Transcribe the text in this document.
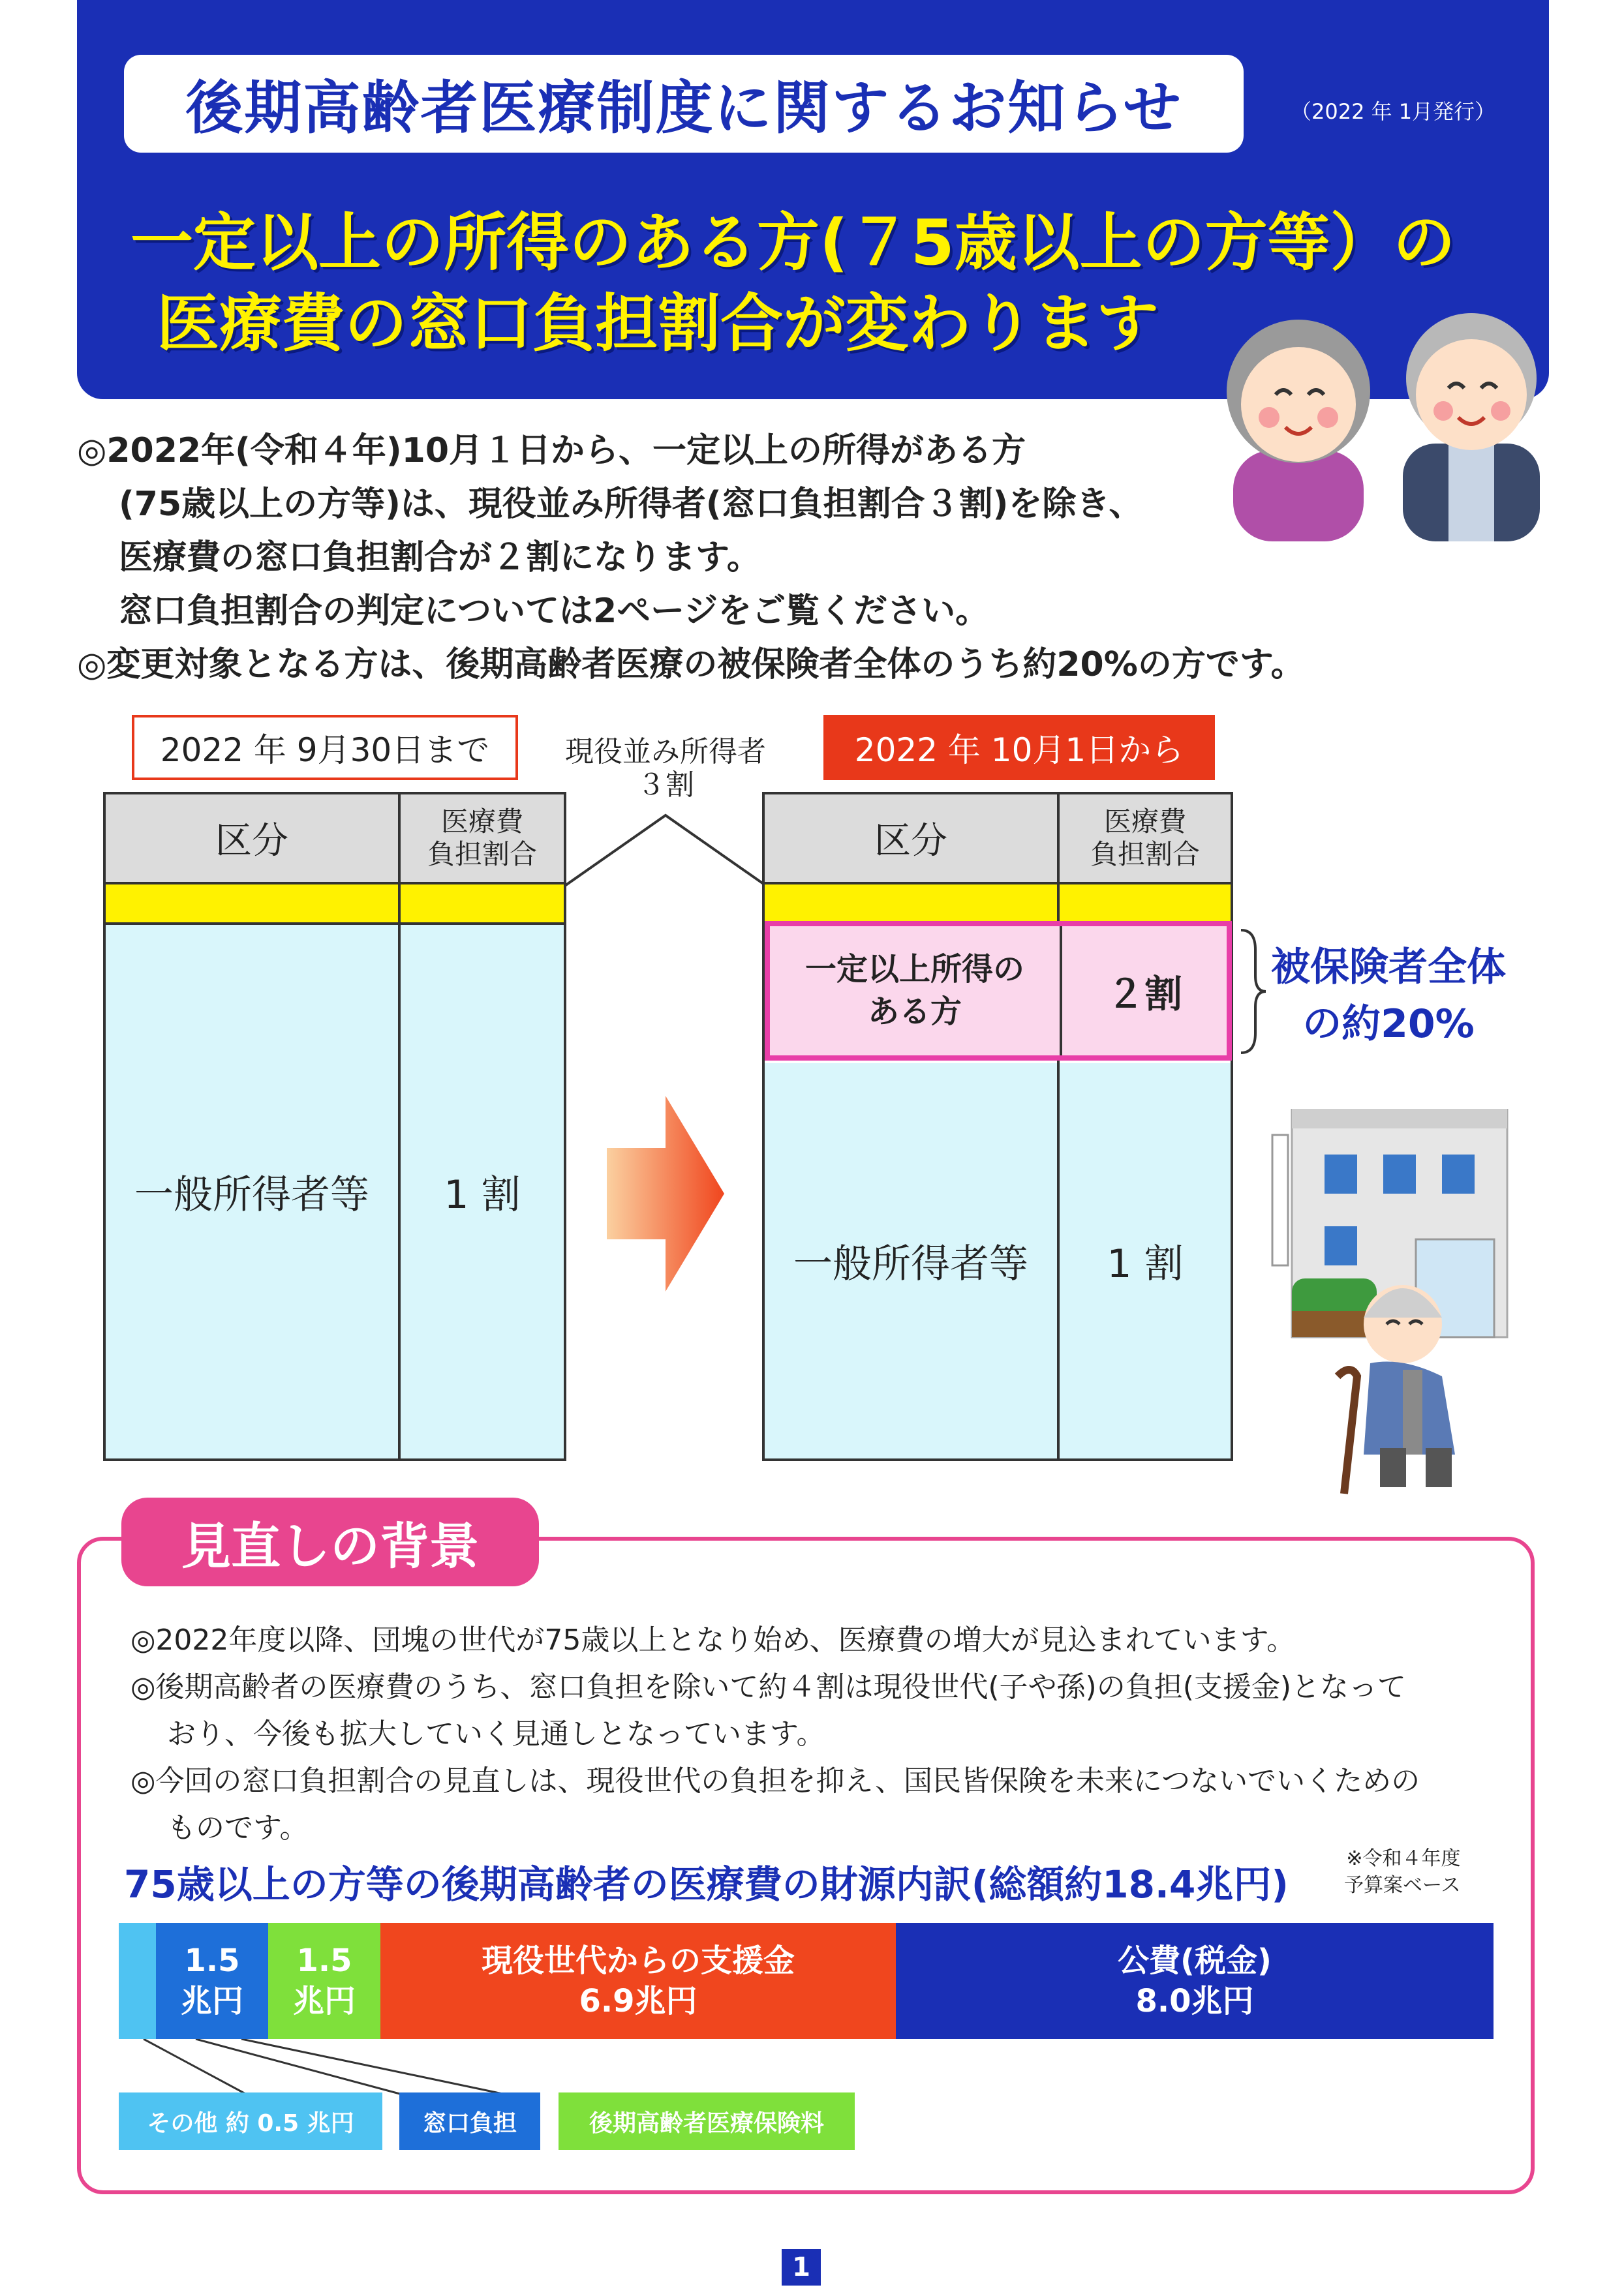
後期高齢者医療制度に関するお知らせ	（2022 年 1月発行）
一定以上の所得のある方(７5歳以上の方等）の
医療費の窓口負担割合が変わります
◎2022年(令和４年)10月１日から、一定以上の所得がある方
(75歳以上の方等)は、現役並み所得者(窓口負担割合３割)を除き、
医療費の窓口負担割合が２割になります。
窓口負担割合の判定については2ページをご覧ください。
◎変更対象となる方は、後期高齢者医療の被保険者全体のうち約20%の方です。
2022 年 9月30日まで	2022 年 10月1日から
現役並み所得者
３割
区分	医療費
負担割合
一般所得者等	1 割
区分	医療費
負担割合
一般所得者等	1 割
一定以上所得の
ある方	２割
被保険者全体
の約20%
見直しの背景
◎2022年度以降、団塊の世代が75歳以上となり始め、医療費の増大が見込まれています。
◎後期高齢者の医療費のうち、窓口負担を除いて約４割は現役世代(子や孫)の負担(支援金)となって
おり、今後も拡大していく見通しとなっています。
◎今回の窓口負担割合の見直しは、現役世代の負担を抑え、国民皆保険を未来につないでいくための
ものです。
75歳以上の方等の後期高齢者の医療費の財源内訳(総額約18.4兆円)
※令和４年度
予算案ベース
1.5
兆円
1.5
兆円
現役世代からの支援金
6.9兆円
公費(税金)
8.0兆円
その他 約 0.5 兆円	窓口負担	後期高齢者医療保険料
1
